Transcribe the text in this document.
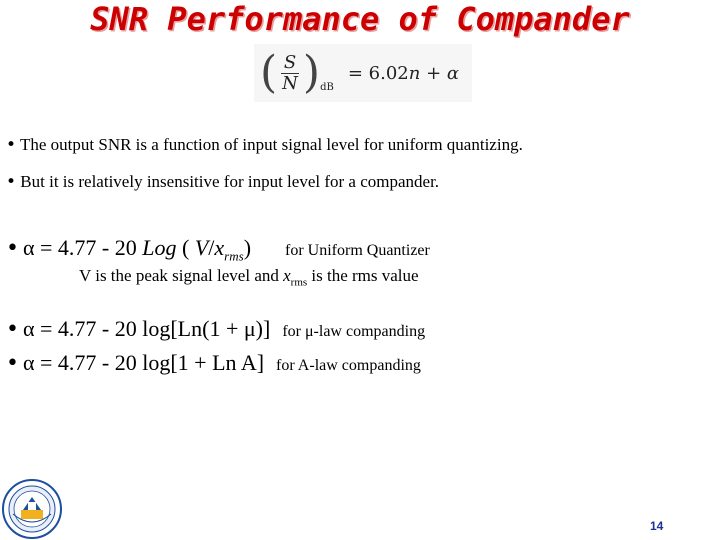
SNR Performance of Compander
( $\frac{S}{N}$ ) dB
= 6.02n + α
• The output SNR is a function of input signal level for uniform quantizing.
• But it is relatively insensitive for input level for a compander.
• α = 4.77 - 20 Log ( $V/x_{rms}$) for Uniform Quantizer
V is the peak signal level and $x_{rms}$ is the rms value
• α = 4.77 - 20 log[Ln(1 + μ)] for μ-law companding
• α = 4.77 - 20 log[1 + Ln A] for A-law companding
14
